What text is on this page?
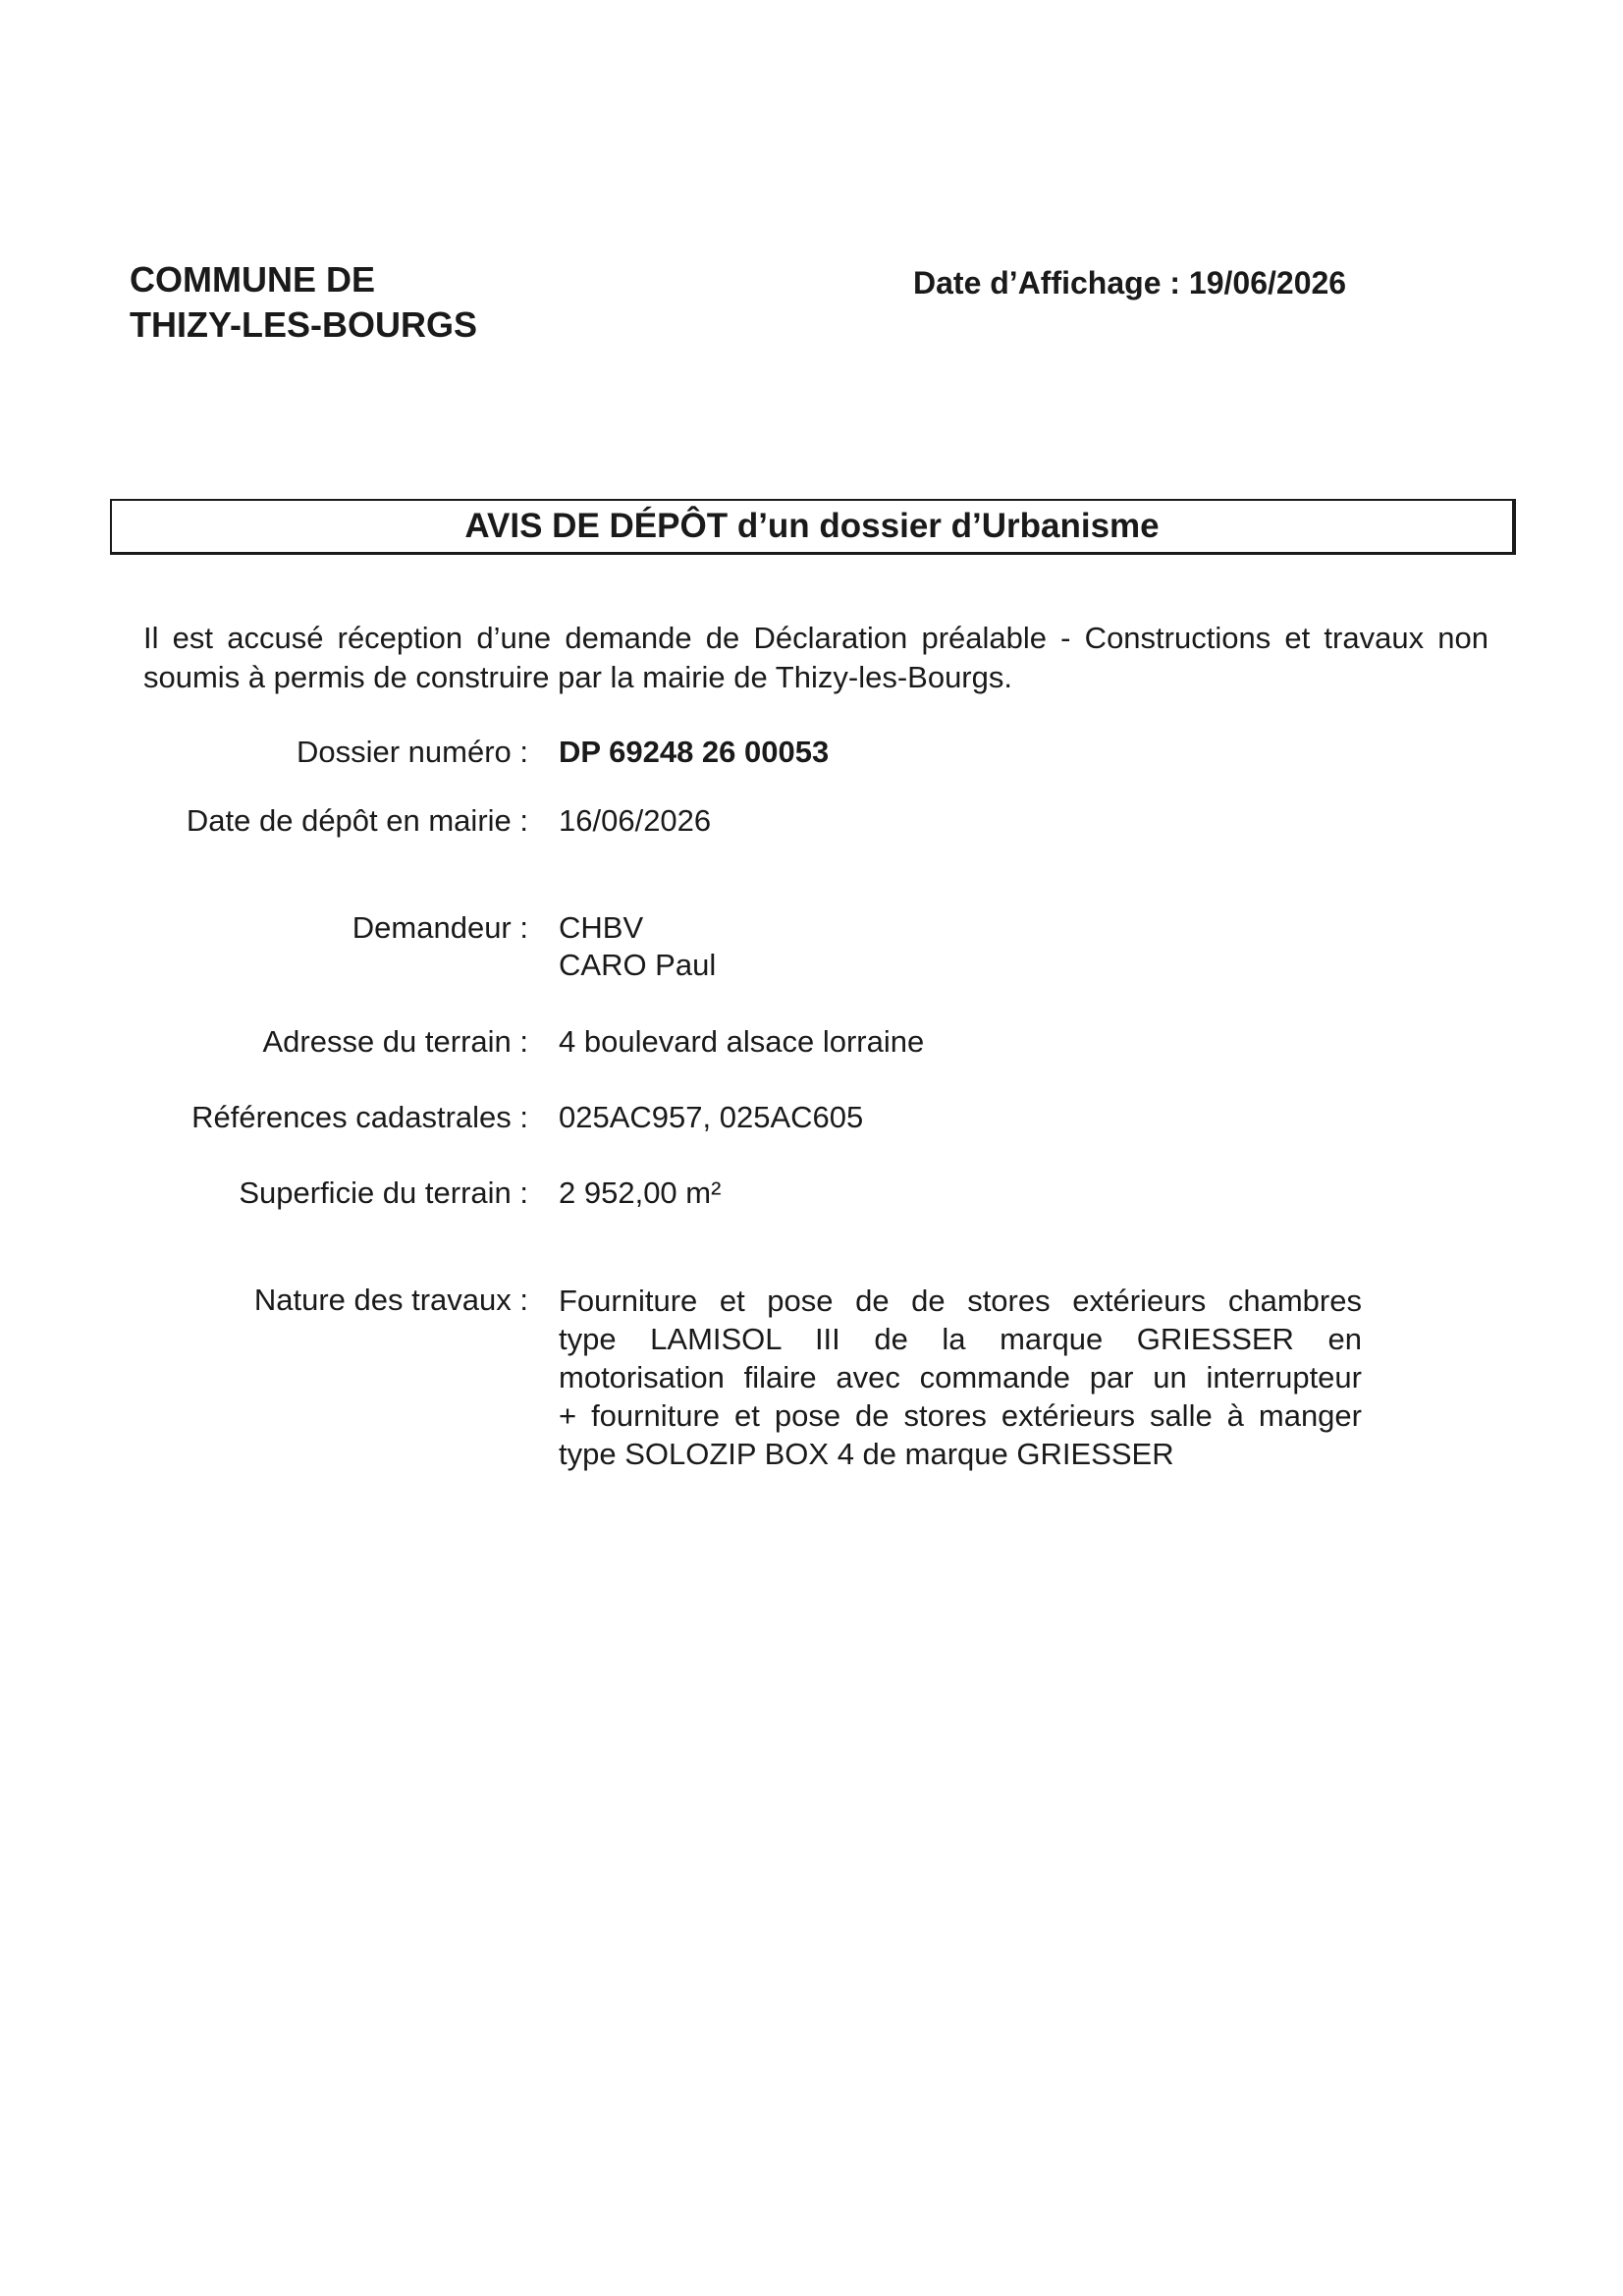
COMMUNE DE
THIZY-LES-BOURGS
Date d’Affichage : 19/06/2026
AVIS DE DÉPÔT d’un dossier d’Urbanisme
Il est accusé réception d’une demande de Déclaration préalable - Constructions et travaux non soumis à permis de construire par la mairie de Thizy-les-Bourgs.
Dossier numéro : DP 69248 26 00053
Date de dépôt en mairie : 16/06/2026
Demandeur : CHBV
CARO Paul
Adresse du terrain : 4 boulevard alsace lorraine
Références cadastrales : 025AC957, 025AC605
Superficie du terrain : 2 952,00 m²
Nature des travaux : Fourniture et pose de de stores extérieurs chambres
type LAMISOL III de la marque GRIESSER en
motorisation filaire avec commande par un interrupteur
+ fourniture et pose de stores extérieurs salle à manger
type SOLOZIP BOX 4 de marque GRIESSER
